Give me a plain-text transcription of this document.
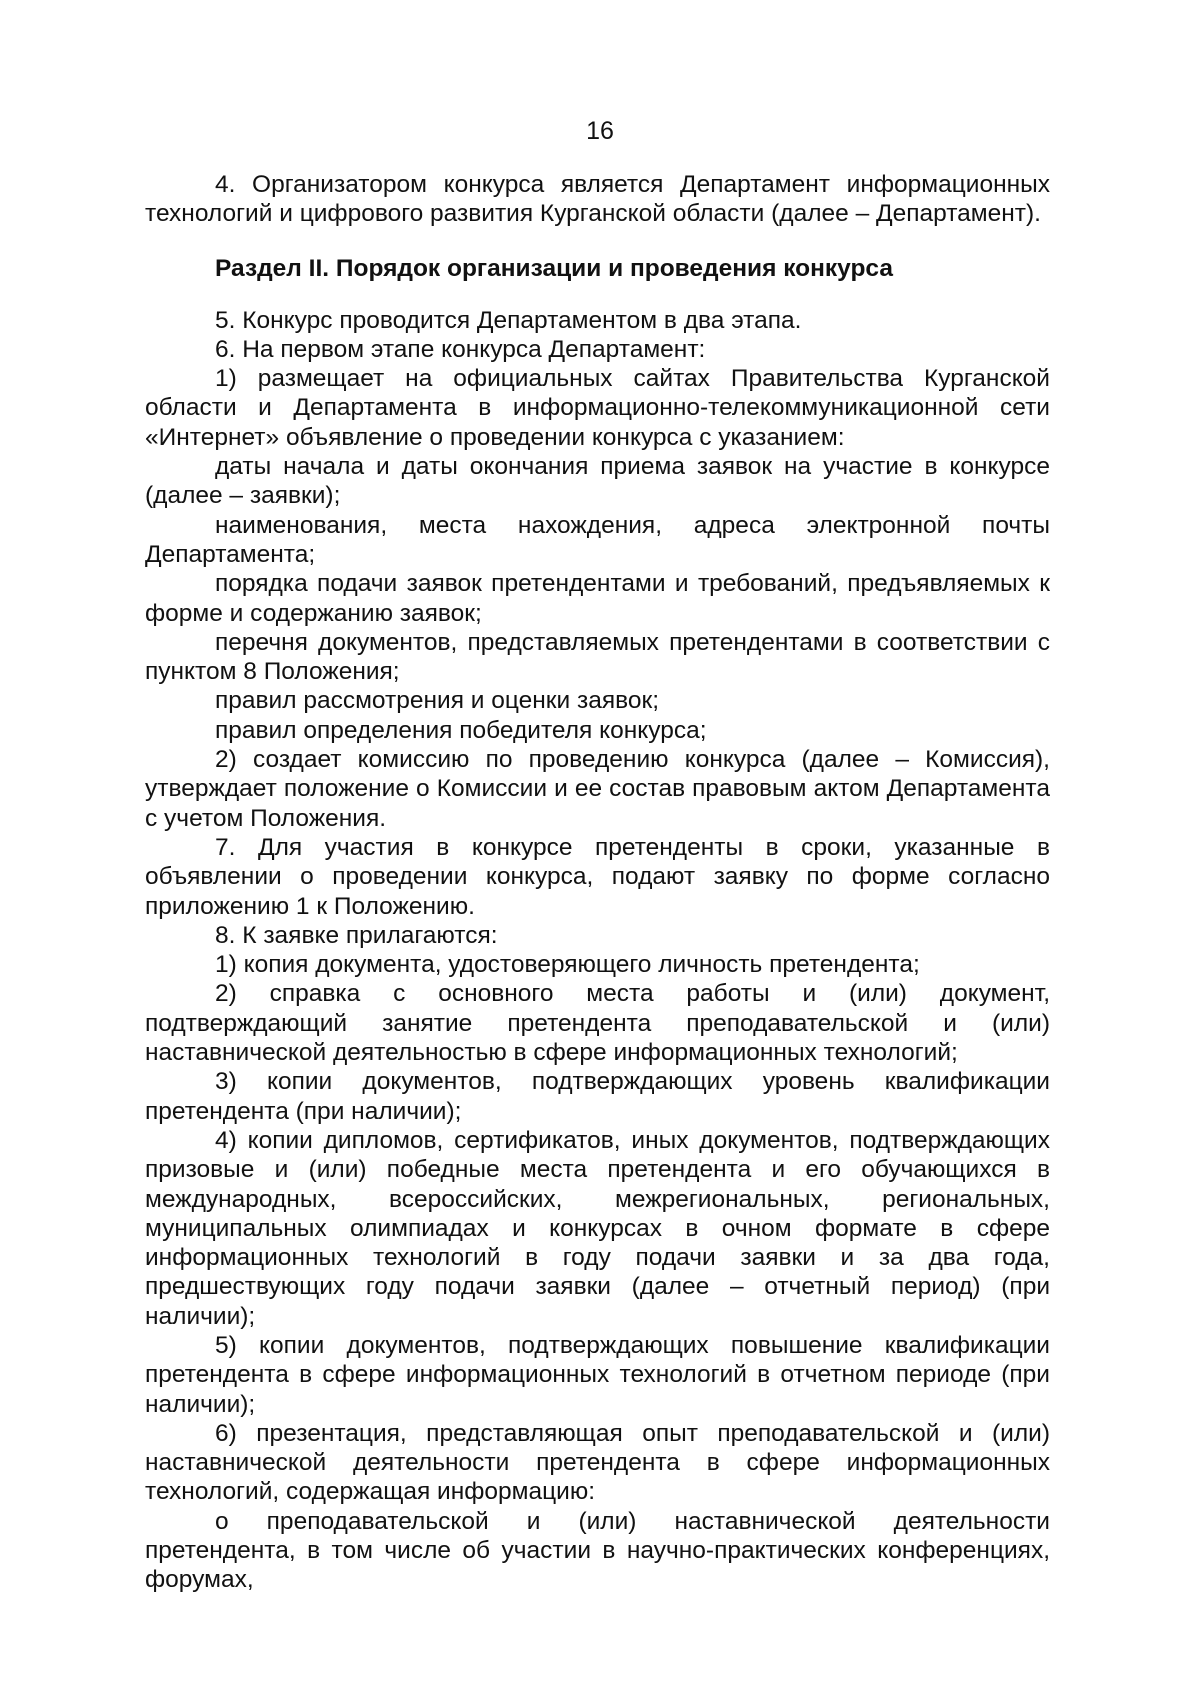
16

4. Организатором конкурса является Департамент информационных технологий и цифрового развития Курганской области (далее – Департамент).

Раздел II. Порядок организации и проведения конкурса

5. Конкурс проводится Департаментом в два этапа.

6. На первом этапе конкурса Департамент:

1) размещает на официальных сайтах Правительства Курганской области и Департамента в информационно-телекоммуникационной сети «Интернет» объявление о проведении конкурса с указанием:

даты начала и даты окончания приема заявок на участие в конкурсе (далее – заявки);

наименования, места нахождения, адреса электронной почты Департамента;

порядка подачи заявок претендентами и требований, предъявляемых к форме и содержанию заявок;

перечня документов, представляемых претендентами в соответствии с пунктом 8 Положения;

правил рассмотрения и оценки заявок;

правил определения победителя конкурса;

2) создает комиссию по проведению конкурса (далее – Комиссия), утверждает положение о Комиссии и ее состав правовым актом Департамента с учетом Положения.

7. Для участия в конкурсе претенденты в сроки, указанные в объявлении о проведении конкурса, подают заявку по форме согласно приложению 1 к Положению.

8. К заявке прилагаются:

1) копия документа, удостоверяющего личность претендента;

2) справка с основного места работы и (или) документ, подтверждающий занятие претендента преподавательской и (или) наставнической деятельностью в сфере информационных технологий;

3) копии документов, подтверждающих уровень квалификации претендента (при наличии);

4) копии дипломов, сертификатов, иных документов, подтверждающих призовые и (или) победные места претендента и его обучающихся в международных, всероссийских, межрегиональных, региональных, муниципальных олимпиадах и конкурсах в очном формате в сфере информационных технологий в году подачи заявки и за два года, предшествующих году подачи заявки (далее – отчетный период) (при наличии);

5) копии документов, подтверждающих повышение квалификации претендента в сфере информационных технологий в отчетном периоде (при наличии);

6) презентация, представляющая опыт преподавательской и (или) наставнической деятельности претендента в сфере информационных технологий, содержащая информацию:

о преподавательской и (или) наставнической деятельности претендента, в том числе об участии в научно-практических конференциях, форумах,
